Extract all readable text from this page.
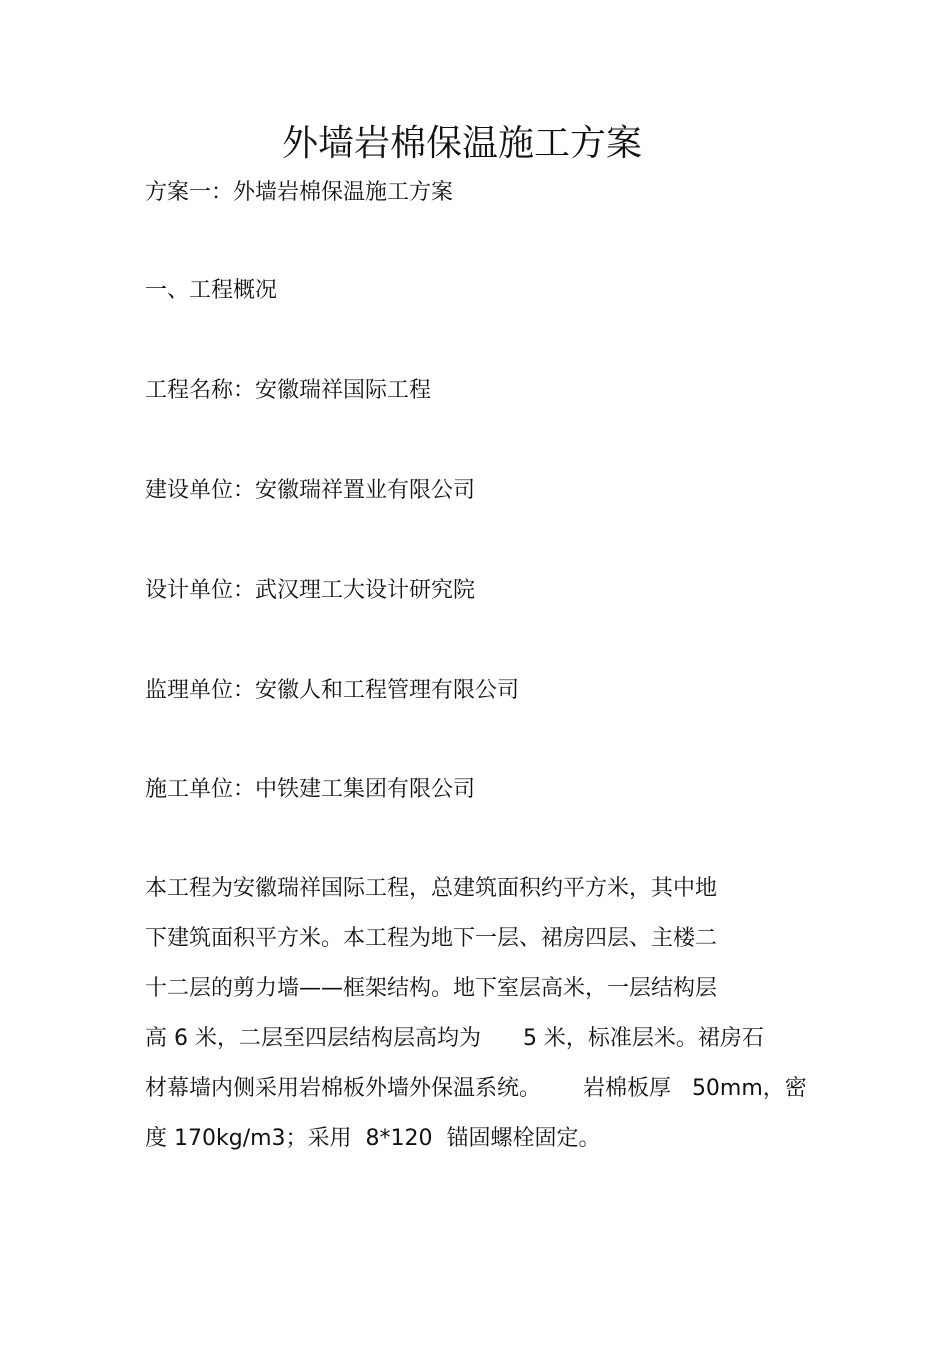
外墙岩棉保温施工方案
方案一：外墙岩棉保温施工方案
一、工程概况
工程名称：安徽瑞祥国际工程
建设单位：安徽瑞祥置业有限公司
设计单位：武汉理工大设计研究院
监理单位：安徽人和工程管理有限公司
施工单位：中铁建工集团有限公司
本工程为安徽瑞祥国际工程，总建筑面积约平方米，其中地
下建筑面积平方米。本工程为地下一层、裙房四层、主楼二
十二层的剪力墙——框架结构。地下室层高米，一层结构层
高 6 米，二层至四层结构层高均为      5 米，标准层米。裙房石
材幕墙内侧采用岩棉板外墙外保温系统。      岩棉板厚   50mm，密
度 170kg/m3；采用  8*120  锚固螺栓固定。
